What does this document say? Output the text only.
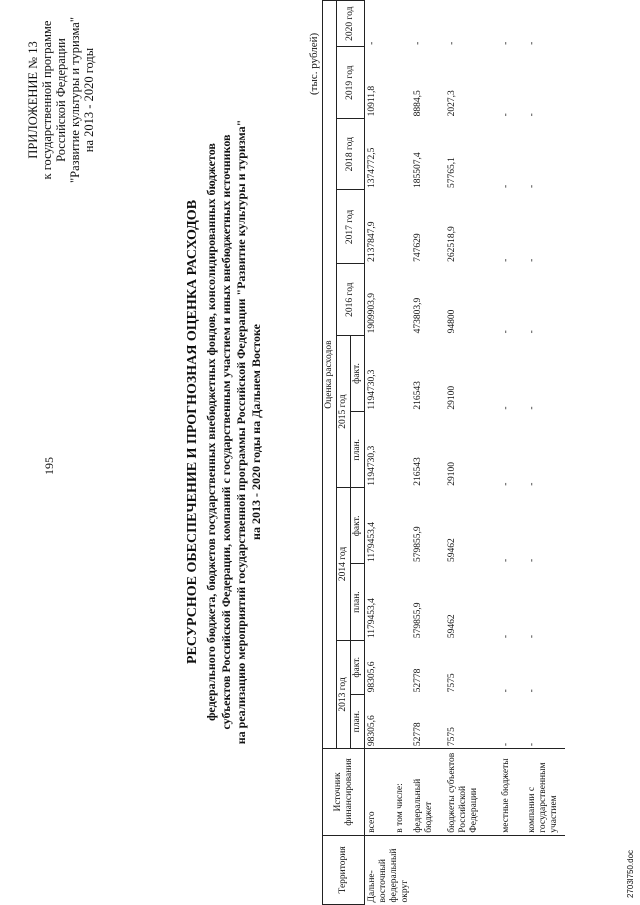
195
ПРИЛОЖЕНИЕ № 13 к государственной программе Российской Федерации "Развитие культуры и туризма" на 2013 - 2020 годы
РЕСУРСНОЕ ОБЕСПЕЧЕНИЕ И ПРОГНОЗНАЯ ОЦЕНКА РАСХОДОВ федерального бюджета, бюджетов государственных внебюджетных фондов, консолидированных бюджетов субъектов Российской Федерации, компаний с государственным участием и иных внебюджетных источников на реализацию мероприятий государственной программы Российской Федерации "Развитие культуры и туризма" на 2013 - 2020 годы на Дальнем Востоке
(тыс. рублей)
Территория	Источник финансирования	Оценка расходов										
		2013 год		2014 год		2015 год		2016 год	2017 год	2018 год	2019 год	2020 год
		план.	факт.	план.	факт.	план.	факт.					
Дальне-восточный федеральный округ	всего	98305,6	98305,6	1179453,4	1179453,4	1194730,3	1194730,3	1909903,9	2137847,9	1374772,5	10911,8	-
	в том числе:											
	федеральный бюджет	52778	52778	579855,9	579855,9	216543	216543	473803,9	747629	185507,4	8884,5	-
	бюджеты субъектов Российской Федерации	7575	7575	59462	59462	29100	29100	94800	262518,9	57765,1	2027,3	-
	местные бюджеты	-	-	-	-	-	-	-	-	-	-	-
	компании с государственным участием	-	-	-	-	-	-	-	-	-	-	-
2703l750.doc
